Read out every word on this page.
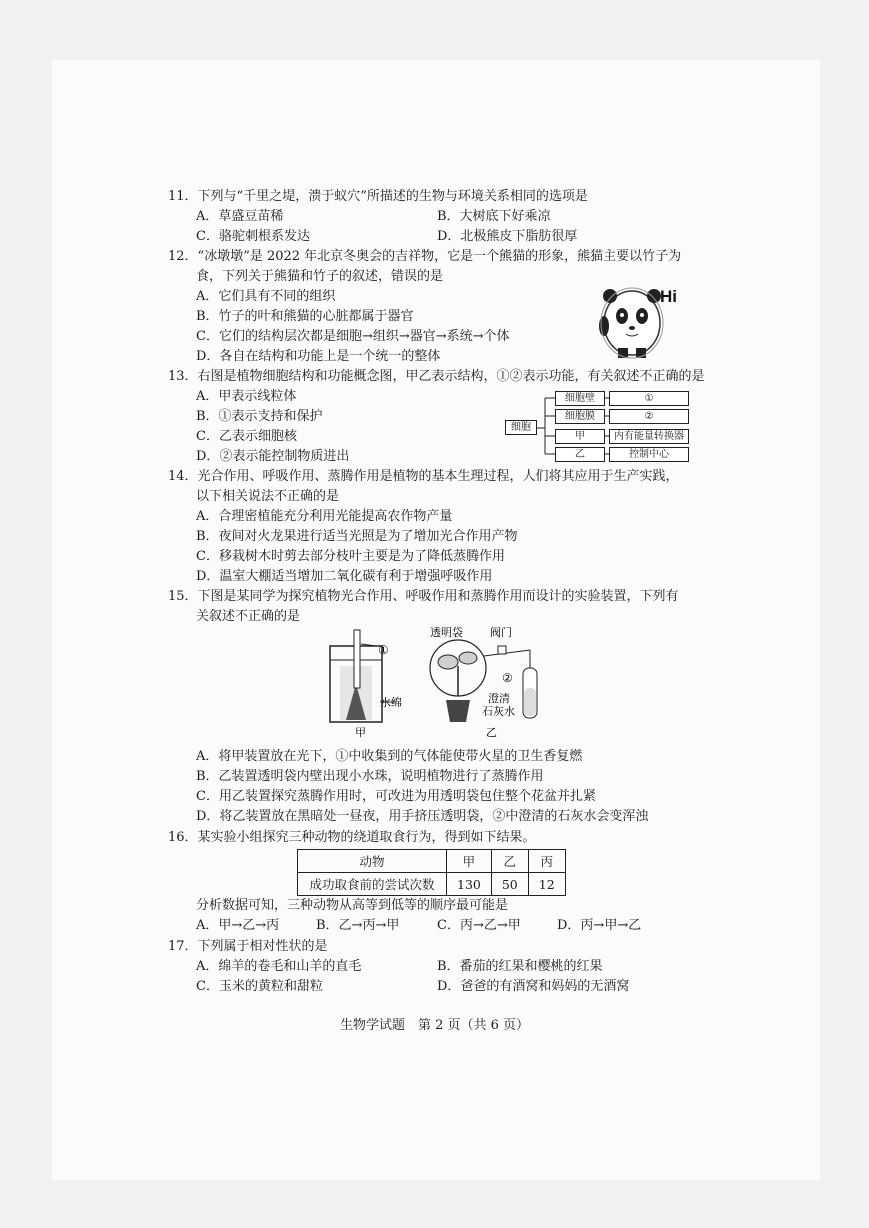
11．下列与“千里之堤，溃于蚁穴”所描述的生物与环境关系相同的选项是
A．草盛豆苗稀	B．大树底下好乘凉
C．骆驼刺根系发达	D．北极熊皮下脂肪很厚
12．“冰墩墩”是 2022 年北京冬奥会的吉祥物，它是一个熊猫的形象，熊猫主要以竹子为
食，下列关于熊猫和竹子的叙述，错误的是
A．它们具有不同的组织
B．竹子的叶和熊猫的心脏都属于器官
C．它们的结构层次都是细胞→组织→器官→系统→个体
D．各自在结构和功能上是一个统一的整体
Hi
13．右图是植物细胞结构和功能概念图，甲乙表示结构，①②表示功能，有关叙述不正确的是
A．甲表示线粒体
B．①表示支持和保护
C．乙表示细胞核
D．②表示能控制物质进出
细胞
细胞壁
细胞膜
甲
乙
①
②
内有能量转换器
控制中心
14．光合作用、呼吸作用、蒸腾作用是植物的基本生理过程，人们将其应用于生产实践，
以下相关说法不正确的是
A．合理密植能充分利用光能提高农作物产量
B．夜间对火龙果进行适当光照是为了增加光合作用产物
C．移栽树木时剪去部分枝叶主要是为了降低蒸腾作用
D．温室大棚适当增加二氧化碳有利于增强呼吸作用
15．下图是某同学为探究植物光合作用、呼吸作用和蒸腾作用而设计的实验装置，下列有
关叙述不正确的是
甲
①
水绵
透明袋 阀门
②
澄清
石灰水
乙
A．将甲装置放在光下，①中收集到的气体能使带火星的卫生香复燃
B．乙装置透明袋内壁出现小水珠，说明植物进行了蒸腾作用
C．用乙装置探究蒸腾作用时，可改进为用透明袋包住整个花盆并扎紧
D．将乙装置放在黑暗处一昼夜，用手挤压透明袋，②中澄清的石灰水会变浑浊
16．某实验小组探究三种动物的绕道取食行为，得到如下结果。
动物	甲	乙	丙
成功取食前的尝试次数	130	50	12
分析数据可知，三种动物从高等到低等的顺序最可能是
A．甲→乙→丙	B．乙→丙→甲	C．丙→乙→甲	D．丙→甲→乙
17．下列属于相对性状的是
A．绵羊的卷毛和山羊的直毛	B．番茄的红果和樱桃的红果
C．玉米的黄粒和甜粒	D．爸爸的有酒窝和妈妈的无酒窝
生物学试题　第 2 页（共 6 页）
